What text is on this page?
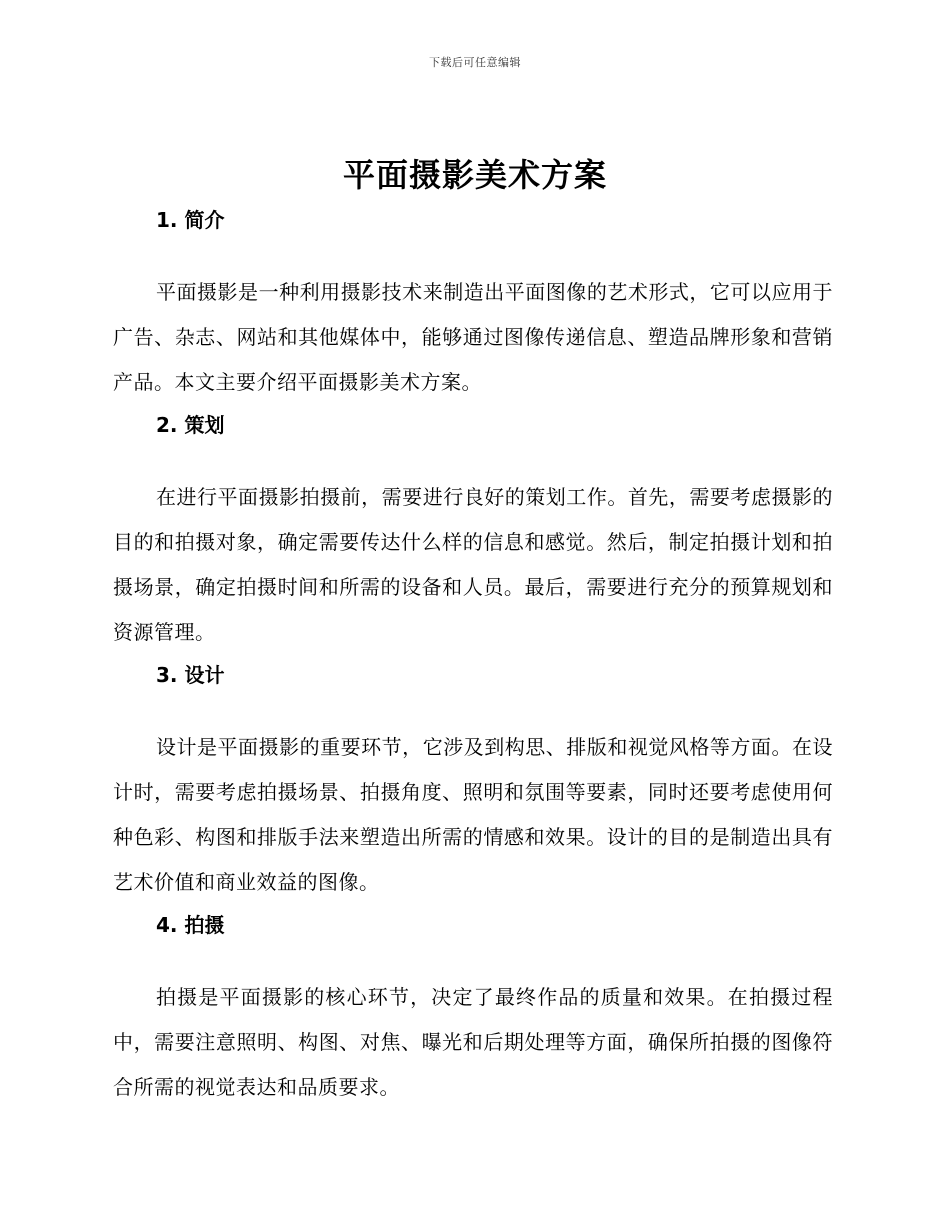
下载后可任意编辑
平面摄影美术方案
1. 简介

平面摄影是一种利用摄影技术来制造出平面图像的艺术形式，它可以应用于广告、杂志、网站和其他媒体中，能够通过图像传递信息、塑造品牌形象和营销产品。本文主要介绍平面摄影美术方案。

2. 策划

在进行平面摄影拍摄前，需要进行良好的策划工作。首先，需要考虑摄影的目的和拍摄对象，确定需要传达什么样的信息和感觉。然后，制定拍摄计划和拍摄场景，确定拍摄时间和所需的设备和人员。最后，需要进行充分的预算规划和资源管理。

3. 设计

设计是平面摄影的重要环节，它涉及到构思、排版和视觉风格等方面。在设计时，需要考虑拍摄场景、拍摄角度、照明和氛围等要素，同时还要考虑使用何种色彩、构图和排版手法来塑造出所需的情感和效果。设计的目的是制造出具有艺术价值和商业效益的图像。

4. 拍摄

拍摄是平面摄影的核心环节，决定了最终作品的质量和效果。在拍摄过程中，需要注意照明、构图、对焦、曝光和后期处理等方面，确保所拍摄的图像符合所需的视觉表达和品质要求。
